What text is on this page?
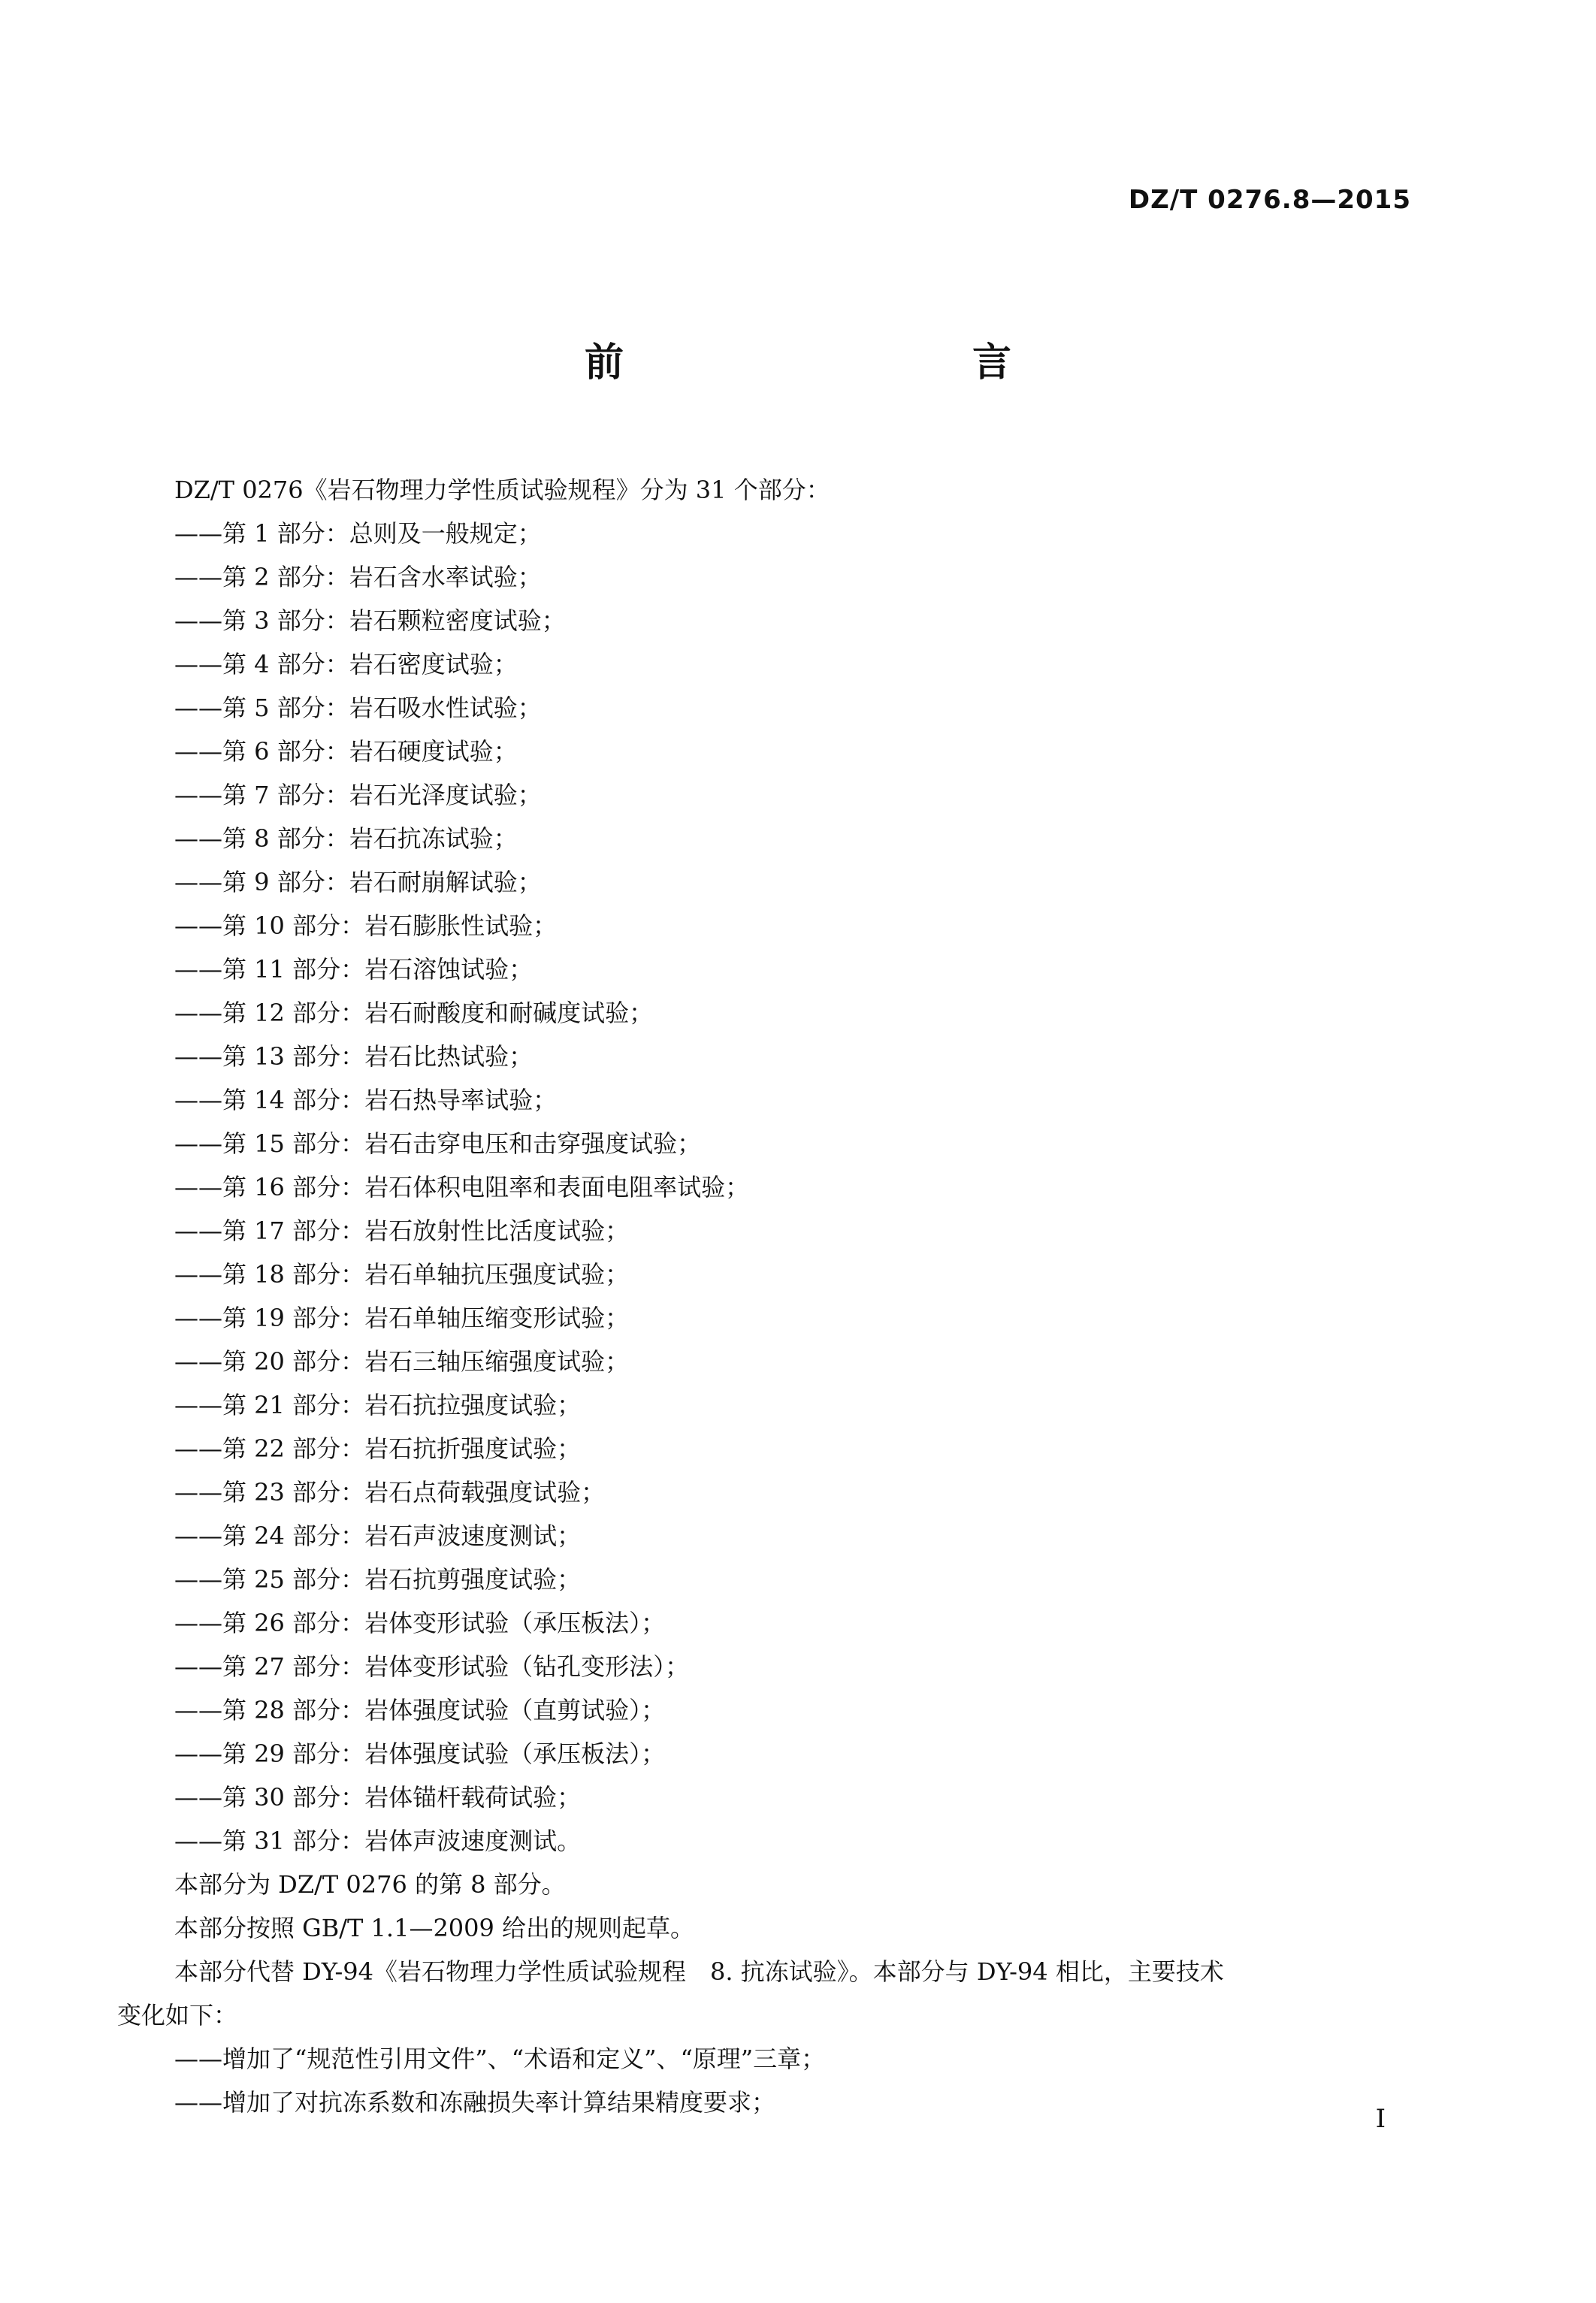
DZ/T 0276.8—2015

前　　言

DZ/T 0276《岩石物理力学性质试验规程》分为 31 个部分：

——第 1 部分：总则及一般规定；
——第 2 部分：岩石含水率试验；
——第 3 部分：岩石颗粒密度试验；
——第 4 部分：岩石密度试验；
——第 5 部分：岩石吸水性试验；
——第 6 部分：岩石硬度试验；
——第 7 部分：岩石光泽度试验；
——第 8 部分：岩石抗冻试验；
——第 9 部分：岩石耐崩解试验；
——第 10 部分：岩石膨胀性试验；
——第 11 部分：岩石溶蚀试验；
——第 12 部分：岩石耐酸度和耐碱度试验；
——第 13 部分：岩石比热试验；
——第 14 部分：岩石热导率试验；
——第 15 部分：岩石击穿电压和击穿强度试验；
——第 16 部分：岩石体积电阻率和表面电阻率试验；
——第 17 部分：岩石放射性比活度试验；
——第 18 部分：岩石单轴抗压强度试验；
——第 19 部分：岩石单轴压缩变形试验；
——第 20 部分：岩石三轴压缩强度试验；
——第 21 部分：岩石抗拉强度试验；
——第 22 部分：岩石抗折强度试验；
——第 23 部分：岩石点荷载强度试验；
——第 24 部分：岩石声波速度测试；
——第 25 部分：岩石抗剪强度试验；
——第 26 部分：岩体变形试验（承压板法）；
——第 27 部分：岩体变形试验（钻孔变形法）；
——第 28 部分：岩体强度试验（直剪试验）；
——第 29 部分：岩体强度试验（承压板法）；
——第 30 部分：岩体锚杆载荷试验；
——第 31 部分：岩体声波速度测试。

本部分为 DZ/T 0276 的第 8 部分。

本部分按照 GB/T 1.1—2009 给出的规则起草。

本部分代替 DY-94《岩石物理力学性质试验规程　8. 抗冻试验》。本部分与 DY-94 相比，主要技术

变化如下：

——增加了“规范性引用文件”、“术语和定义”、“原理”三章；
——增加了对抗冻系数和冻融损失率计算结果精度要求；

I
